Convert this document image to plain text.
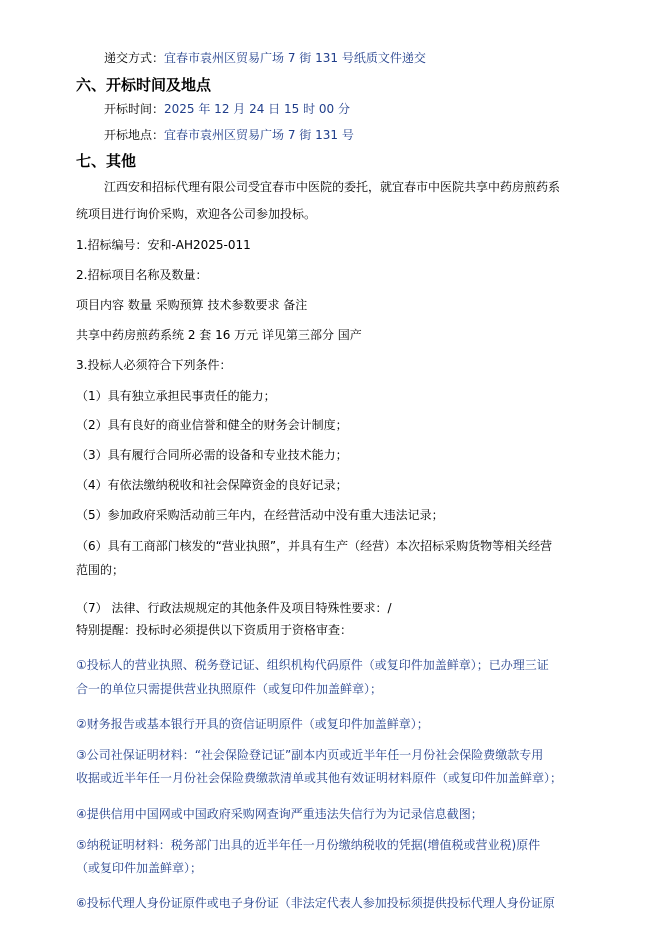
递交方式：宜春市袁州区贸易广场 7 街 131 号纸质文件递交
六、开标时间及地点
开标时间：2025 年 12 月 24 日 15 时 00 分
开标地点：宜春市袁州区贸易广场 7 街 131 号
七、其他
江西安和招标代理有限公司受宜春市中医院的委托，就宜春市中医院共享中药房煎药系
统项目进行询价采购，欢迎各公司参加投标。
1.招标编号：安和-AH2025-011
2.招标项目名称及数量：
项目内容 数量 采购预算 技术参数要求 备注
共享中药房煎药系统 2 套 16 万元 详见第三部分 国产
3.投标人必须符合下列条件：
（1）具有独立承担民事责任的能力；
（2）具有良好的商业信誉和健全的财务会计制度；
（3）具有履行合同所必需的设备和专业技术能力；
（4）有依法缴纳税收和社会保障资金的良好记录；
（5）参加政府采购活动前三年内，在经营活动中没有重大违法记录；
（6）具有工商部门核发的“营业执照”，并具有生产（经营）本次招标采购货物等相关经营
范围的；
（7） 法律、行政法规规定的其他条件及项目特殊性要求：/
特别提醒：投标时必须提供以下资质用于资格审查：
①投标人的营业执照、税务登记证、组织机构代码原件（或复印件加盖鲜章）；已办理三证
合一的单位只需提供营业执照原件（或复印件加盖鲜章）；
②财务报告或基本银行开具的资信证明原件（或复印件加盖鲜章）；
③公司社保证明材料：“社会保险登记证”副本内页或近半年任一月份社会保险费缴款专用
收据或近半年任一月份社会保险费缴款清单或其他有效证明材料原件（或复印件加盖鲜章）；
④提供信用中国网或中国政府采购网查询严重违法失信行为为记录信息截图；
⑤纳税证明材料：税务部门出具的近半年任一月份缴纳税收的凭据(增值税或营业税)原件
（或复印件加盖鲜章）；
⑥投标代理人身份证原件或电子身份证（非法定代表人参加投标须提供投标代理人身份证原
